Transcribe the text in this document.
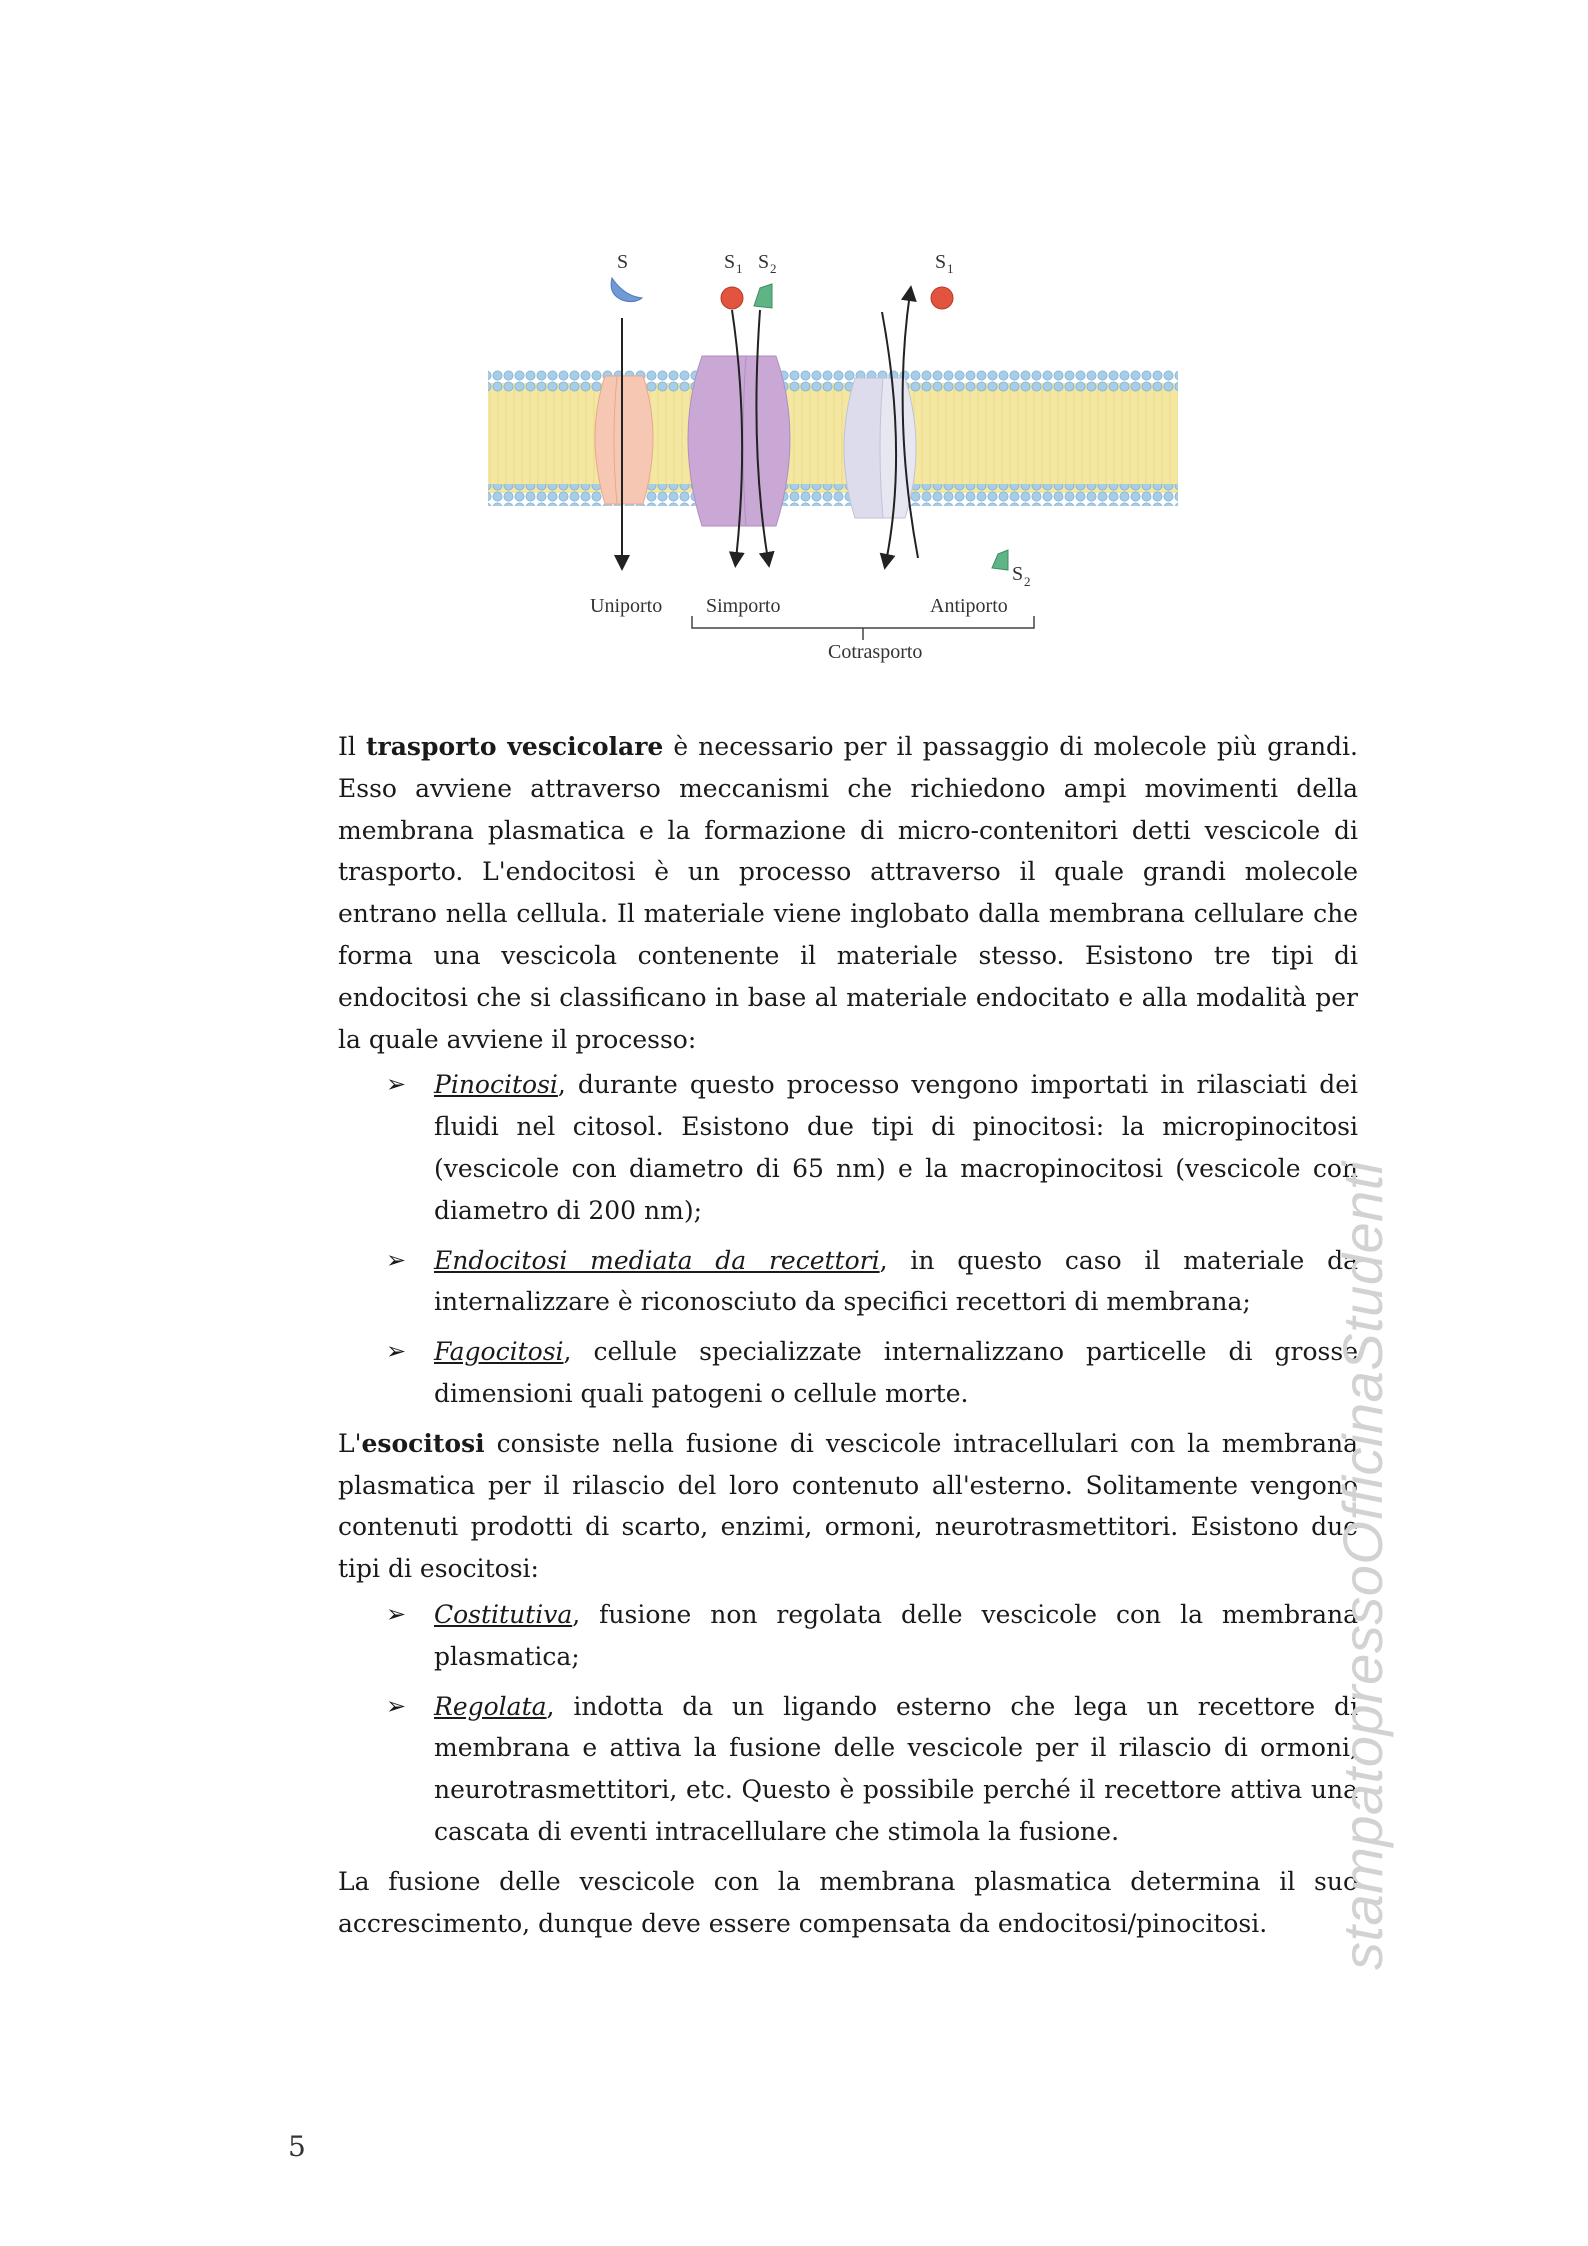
S	S 1 S 2	S 1
S 2
Uniporto Simporto	Antiporto
Cotrasporto

Il trasporto vescicolare è necessario per il passaggio di molecole più grandi. Esso avviene attraverso meccanismi che richiedono ampi movimenti della membrana plasmatica e la formazione di micro-contenitori detti vescicole di trasporto. L'endocitosi è un processo attraverso il quale grandi molecole entrano nella cellula. Il materiale viene inglobato dalla membrana cellulare che forma una vescicola contenente il materiale stesso. Esistono tre tipi di endocitosi che si classificano in base al materiale endocitato e alla modalità per la quale avviene il processo:

➢ Pinocitosi, durante questo processo vengono importati in rilasciati dei fluidi nel citosol. Esistono due tipi di pinocitosi: la micropinocitosi (vescicole con diametro di 65 nm) e la macropinocitosi (vescicole con diametro di 200 nm);
➢ Endocitosi mediata da recettori, in questo caso il materiale da internalizzare è riconosciuto da specifici recettori di membrana;
➢ Fagocitosi, cellule specializzate internalizzano particelle di grosse dimensioni quali patogeni o cellule morte.

L'esocitosi consiste nella fusione di vescicole intracellulari con la membrana plasmatica per il rilascio del loro contenuto all'esterno. Solitamente vengono contenuti prodotti di scarto, enzimi, ormoni, neurotrasmettitori. Esistono due tipi di esocitosi:

➢ Costitutiva, fusione non regolata delle vescicole con la membrana plasmatica;
➢ Regolata, indotta da un ligando esterno che lega un recettore di membrana e attiva la fusione delle vescicole per il rilascio di ormoni, neurotrasmettitori, etc. Questo è possibile perché il recettore attiva una cascata di eventi intracellulare che stimola la fusione.

La fusione delle vescicole con la membrana plasmatica determina il suo accrescimento, dunque deve essere compensata da endocitosi/pinocitosi.	stampatopressoOfficinaStudenti
5
